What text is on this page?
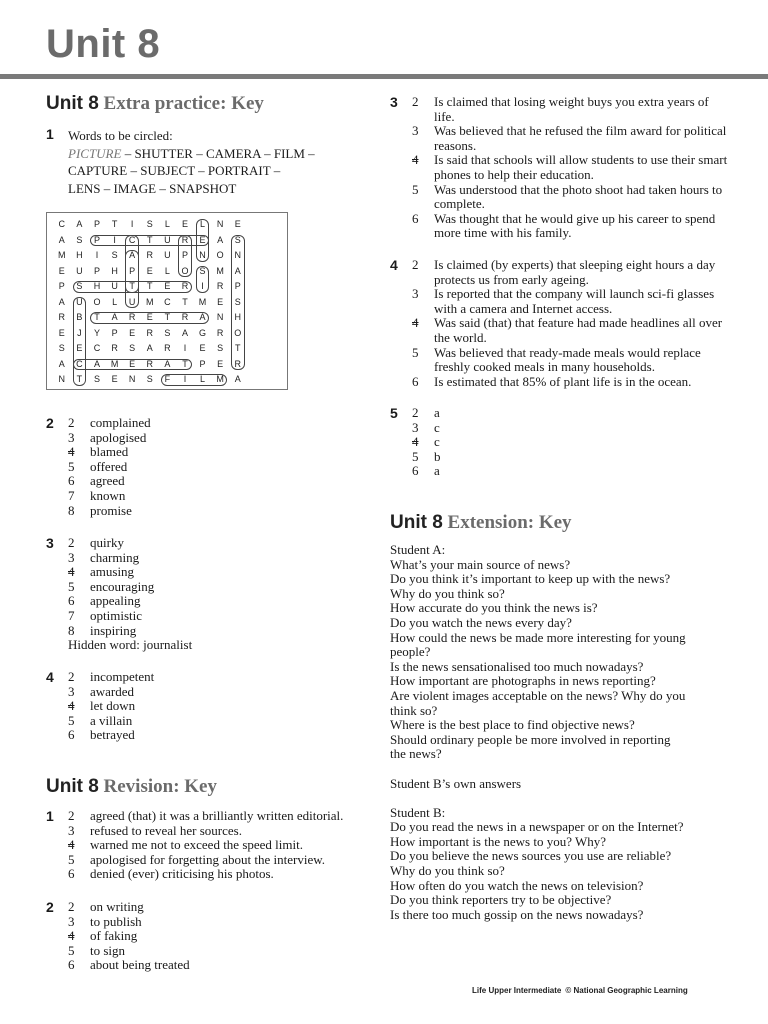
Unit 8
Unit 8 Extra practice: Key
1 Words to be circled:
PICTURE – SHUTTER – CAMERA – FILM –
CAPTURE – SUBJECT – PORTRAIT –
LENS – IMAGE – SNAPSHOT
2 2	complained
3	apologised
4	blamed
5	offered
6	agreed
7	known
8	promise
3 2	quirky
3	charming
4	amusing
5	encouraging
6	appealing
7	optimistic
8	inspiring
Hidden word: journalist
4 2	incompetent
3	awarded
4	let down
5	a villain
6	betrayed
Unit 8 Revision: Key
1 2	agreed (that) it was a brilliantly written editorial.
3	refused to reveal her sources.
4	warned me not to exceed the speed limit.
5	apologised for forgetting about the interview.
6	denied (ever) criticising his photos.
2 2	on writing
3	to publish
4	of faking
5	to sign
6	about being treated
C	A	P	T	I	S	L	E	L	N	E
A	S	P	I	C	T	U	R	E	A	S
M	H	I	S	A	R	U	P	N	O	N
E	U	P	H	P	E	L	O	S	M	A
P	S	H	U	T	T	E	R	I	R	P
A	U	O	L	U	M	C	T	M	E	S
R	B	T	A	R	E	T	R	A	N	H
E	J	Y	P	E	R	S	A	G	R	O
S	E	C	R	S	A	R	I	E	S	T
A	C	A	M	E	R	A	T	P	E	R
N	T	S	E	N	S	F	I	L	M	A
3 2	Is claimed that losing weight buys you extra years of life.
3	Was believed that he refused the film award for political reasons.
4	Is said that schools will allow students to use their smart phones to help their education.
5	Was understood that the photo shoot had taken hours to complete.
6	Was thought that he would give up his career to spend more time with his family.
4 2	Is claimed (by experts) that sleeping eight hours a day protects us from early ageing.
3	Is reported that the company will launch sci-fi glasses with a camera and Internet access.
4	Was said (that) that feature had made headlines all over the world.
5	Was believed that ready-made meals would replace freshly cooked meals in many households.
6	Is estimated that 85% of plant life is in the ocean.
5 2	a
3	c
4	c
5	b
6	a
Unit 8 Extension: Key
Student A:
What’s your main source of news?
Do you think it’s important to keep up with the news?
Why do you think so?
How accurate do you think the news is?
Do you watch the news every day?
How could the news be made more interesting for young
people?
Is the news sensationalised too much nowadays?
How important are photographs in news reporting?
Are violent images acceptable on the news? Why do you
think so?
Where is the best place to find objective news?
Should ordinary people be more involved in reporting
the news?
Student B’s own answers
Student B:
Do you read the news in a newspaper or on the Internet?
How important is the news to you? Why?
Do you believe the news sources you use are reliable?
Why do you think so?
How often do you watch the news on television?
Do you think reporters try to be objective?
Is there too much gossip on the news nowadays?
Life Upper Intermediate © National Geographic Learning
